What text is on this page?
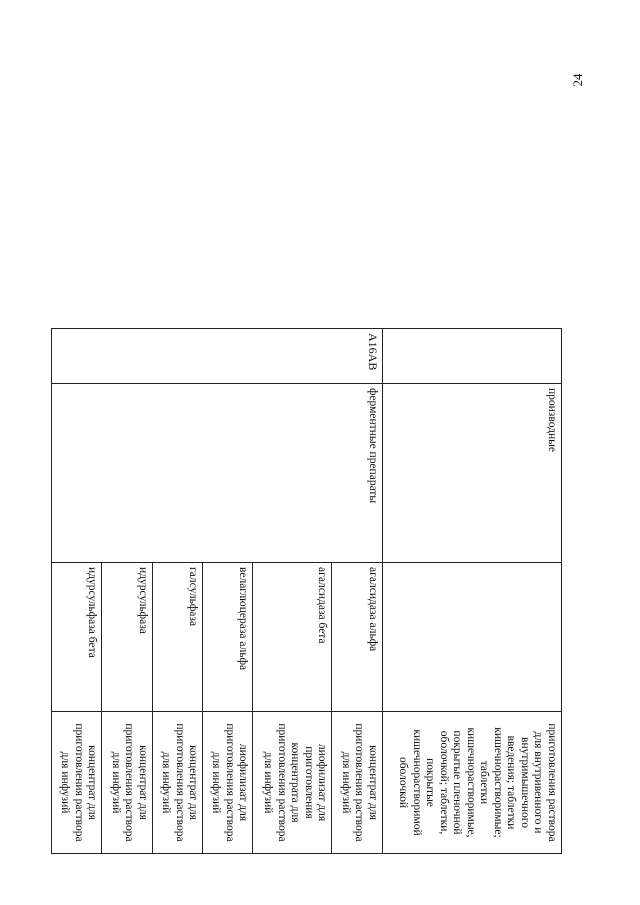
24
	производные		приготовления раствора для внутривенного и внутримышечного введения; таблетки кишечнорастворимые; таблетки кишечнорастворимые, покрытые пленочной оболочкой; таблетки, покрытые кишечнорастворимой оболочкой
A16AB	ферментные препараты	агалсидаза альфа	концентрат для приготовления раствора для инфузий
		агалсидаза бета	лиофилизат для приготовления концентрата для приготовления раствора для инфузий
		велаглюцераза альфа	лиофилизат для приготовления раствора для инфузий
		галсульфаза	концентрат для приготовления раствора для инфузий
		идурсульфаза	концентрат для приготовления раствора для инфузий
		идурсульфаза бета	концентрат для приготовления раствора для инфузий
